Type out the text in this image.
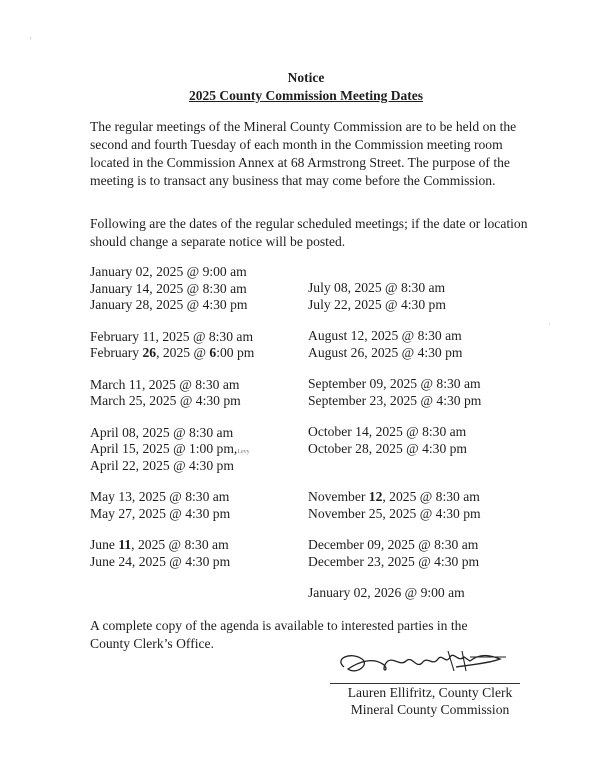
Notice
2025 County Commission Meeting Dates
The regular meetings of the Mineral County Commission are to be held on the second and fourth Tuesday of each month in the Commission meeting room located in the Commission Annex at 68 Armstrong Street. The purpose of the meeting is to transact any business that may come before the Commission.
Following are the dates of the regular scheduled meetings; if the date or location should change a separate notice will be posted.
January 02, 2025 @ 9:00 am
January 14, 2025 @ 8:30 am
January 28, 2025 @ 4:30 pm
February 11, 2025 @ 8:30 am
February 26, 2025 @ 6:00 pm
March 11, 2025 @ 8:30 am
March 25, 2025 @ 4:30 pm
April 08, 2025 @ 8:30 am
April 15, 2025 @ 1:00 pm,Levy
April 22, 2025 @ 4:30 pm
May 13, 2025 @ 8:30 am
May 27, 2025 @ 4:30 pm
June 11, 2025 @ 8:30 am
June 24, 2025 @ 4:30 pm
July 08, 2025 @ 8:30 am
July 22, 2025 @ 4:30 pm
August 12, 2025 @ 8:30 am
August 26, 2025 @ 4:30 pm
September 09, 2025 @ 8:30 am
September 23, 2025 @ 4:30 pm
October 14, 2025 @ 8:30 am
October 28, 2025 @ 4:30 pm
November 12, 2025 @ 8:30 am
November 25, 2025 @ 4:30 pm
December 09, 2025 @ 8:30 am
December 23, 2025 @ 4:30 pm
January 02, 2026 @ 9:00 am
A complete copy of the agenda is available to interested parties in the County Clerk’s Office.
Lauren Ellifritz, County Clerk
Mineral County Commission
'
·
